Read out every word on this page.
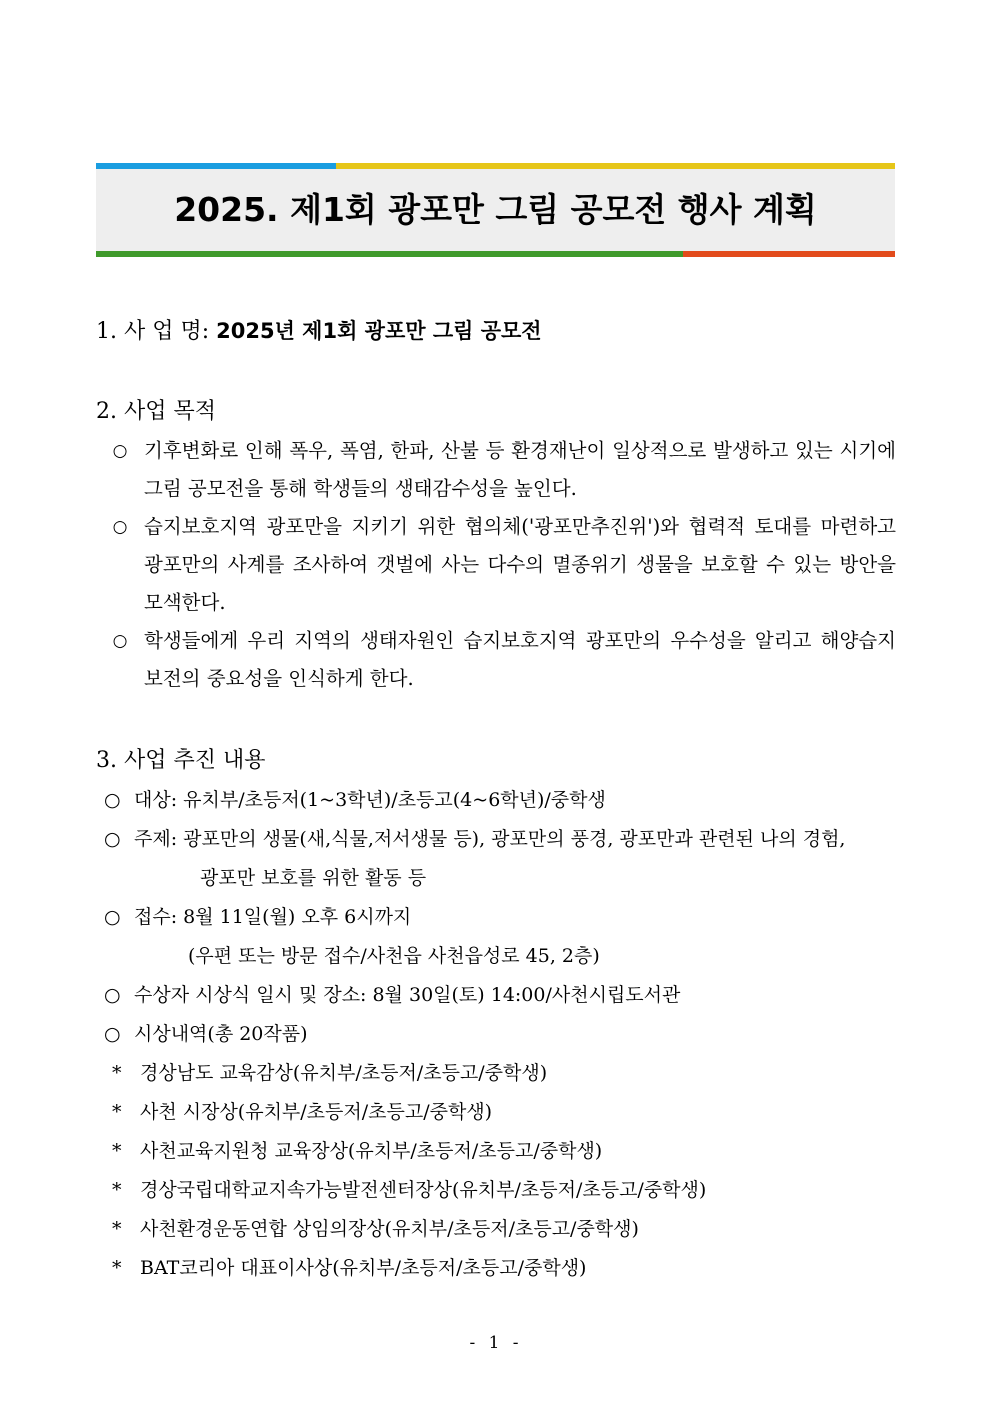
2025. 제1회 광포만 그림 공모전 행사 계획
1. 사 업 명: 2025년 제1회 광포만 그림 공모전
2. 사업 목적
○ 기후변화로 인해 폭우, 폭염, 한파, 산불 등 환경재난이 일상적으로 발생하고 있는 시기에 그림 공모전을 통해 학생들의 생태감수성을 높인다.
○ 습지보호지역 광포만을 지키기 위한 협의체('광포만추진위')와 협력적 토대를 마련하고 광포만의 사계를 조사하여 갯벌에 사는 다수의 멸종위기 생물을 보호할 수 있는 방안을 모색한다.
○ 학생들에게 우리 지역의 생태자원인 습지보호지역 광포만의 우수성을 알리고 해양습지 보전의 중요성을 인식하게 한다.
3. 사업 추진 내용
○ 대상: 유치부/초등저(1~3학년)/초등고(4~6학년)/중학생
○ 주제: 광포만의 생물(새,식물,저서생물 등), 광포만의 풍경, 광포만과 관련된 나의 경험,
광포만 보호를 위한 활동 등
○ 접수: 8월 11일(월) 오후 6시까지
(우편 또는 방문 접수/사천읍 사천읍성로 45, 2층)
○ 수상자 시상식 일시 및 장소: 8월 30일(토) 14:00/사천시립도서관
○ 시상내역(총 20작품)
* 경상남도 교육감상(유치부/초등저/초등고/중학생)
* 사천 시장상(유치부/초등저/초등고/중학생)
* 사천교육지원청 교육장상(유치부/초등저/초등고/중학생)
* 경상국립대학교지속가능발전센터장상(유치부/초등저/초등고/중학생)
* 사천환경운동연합 상임의장상(유치부/초등저/초등고/중학생)
* BAT코리아 대표이사상(유치부/초등저/초등고/중학생)
- 1 -
